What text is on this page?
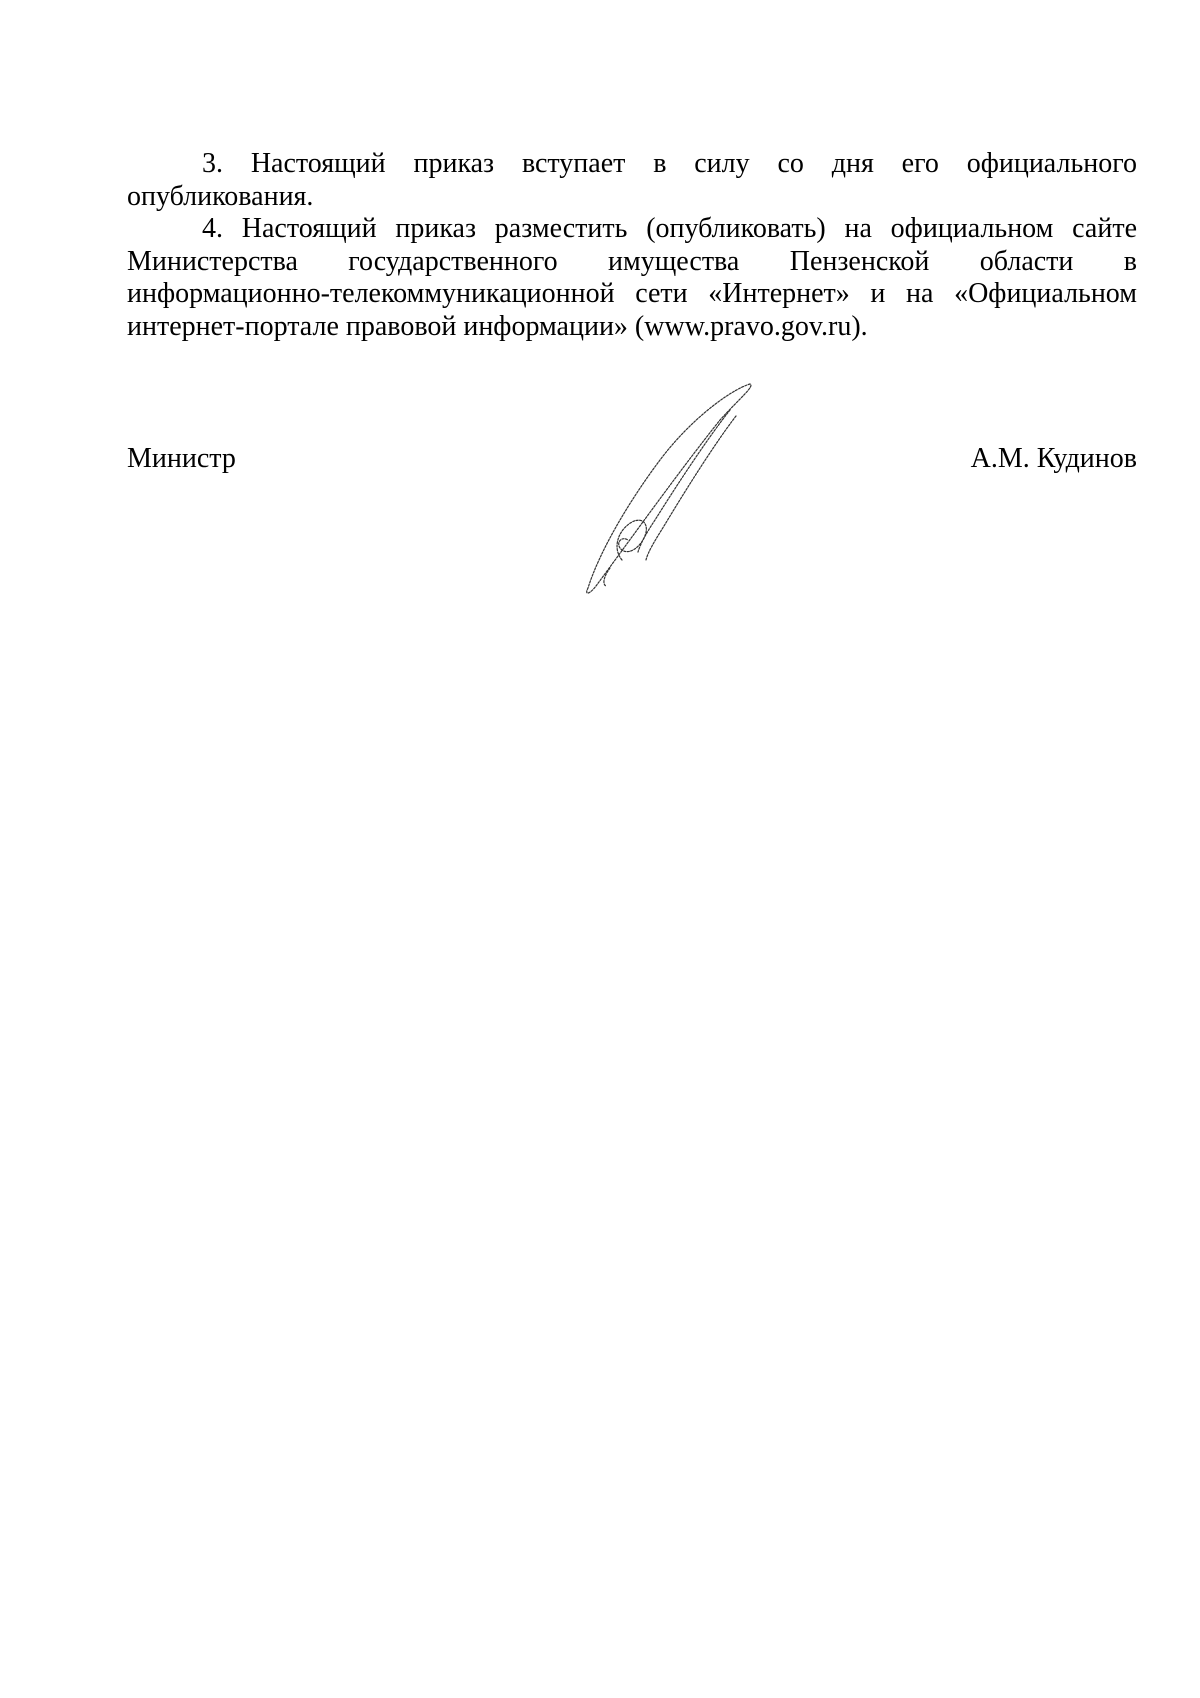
3. Настоящий приказ вступает в силу со дня его официального опубликования.

4. Настоящий приказ разместить (опубликовать) на официальном сайте

Министерства государственного имущества Пензенской области в

информационно-телекоммуникационной сети «Интернет» и на «Официальном

интернет-портале правовой информации» (www.pravo.gov.ru).

Министр	А.М. Кудинов
